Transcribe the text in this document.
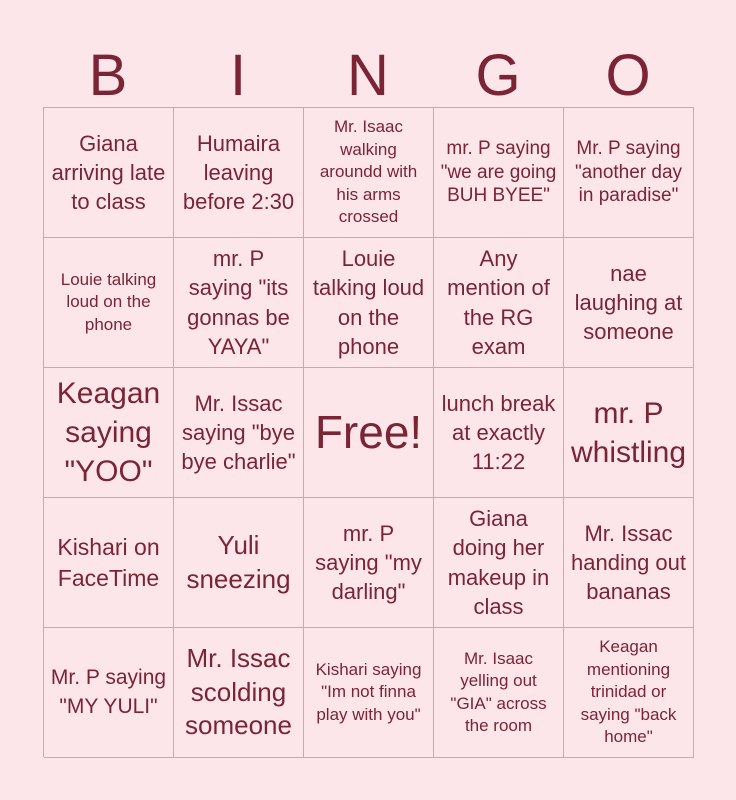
B	I	N	G	O
Giana arriving late to class
Humaira leaving before 2:30
Mr. Isaac walking aroundd with his arms crossed
mr. P saying "we are going BUH BYEE"
Mr. P saying "another day in paradise"
Louie talking loud on the phone
mr. P saying "its gonnas be YAYA"
Louie talking loud on the phone
Any mention of the RG exam
nae laughing at someone
Keagan saying "YOO"
Mr. Issac saying "bye bye charlie"
Free!
lunch break at exactly 11:22
mr. P whistling
Kishari on FaceTime
Yuli sneezing
mr. P saying "my darling"
Giana doing her makeup in class
Mr. Issac handing out bananas
Mr. P saying "MY YULI"
Mr. Issac scolding someone
Kishari saying "Im not finna play with you"
Mr. Isaac yelling out "GIA" across the room
Keagan mentioning trinidad or saying "back home"
